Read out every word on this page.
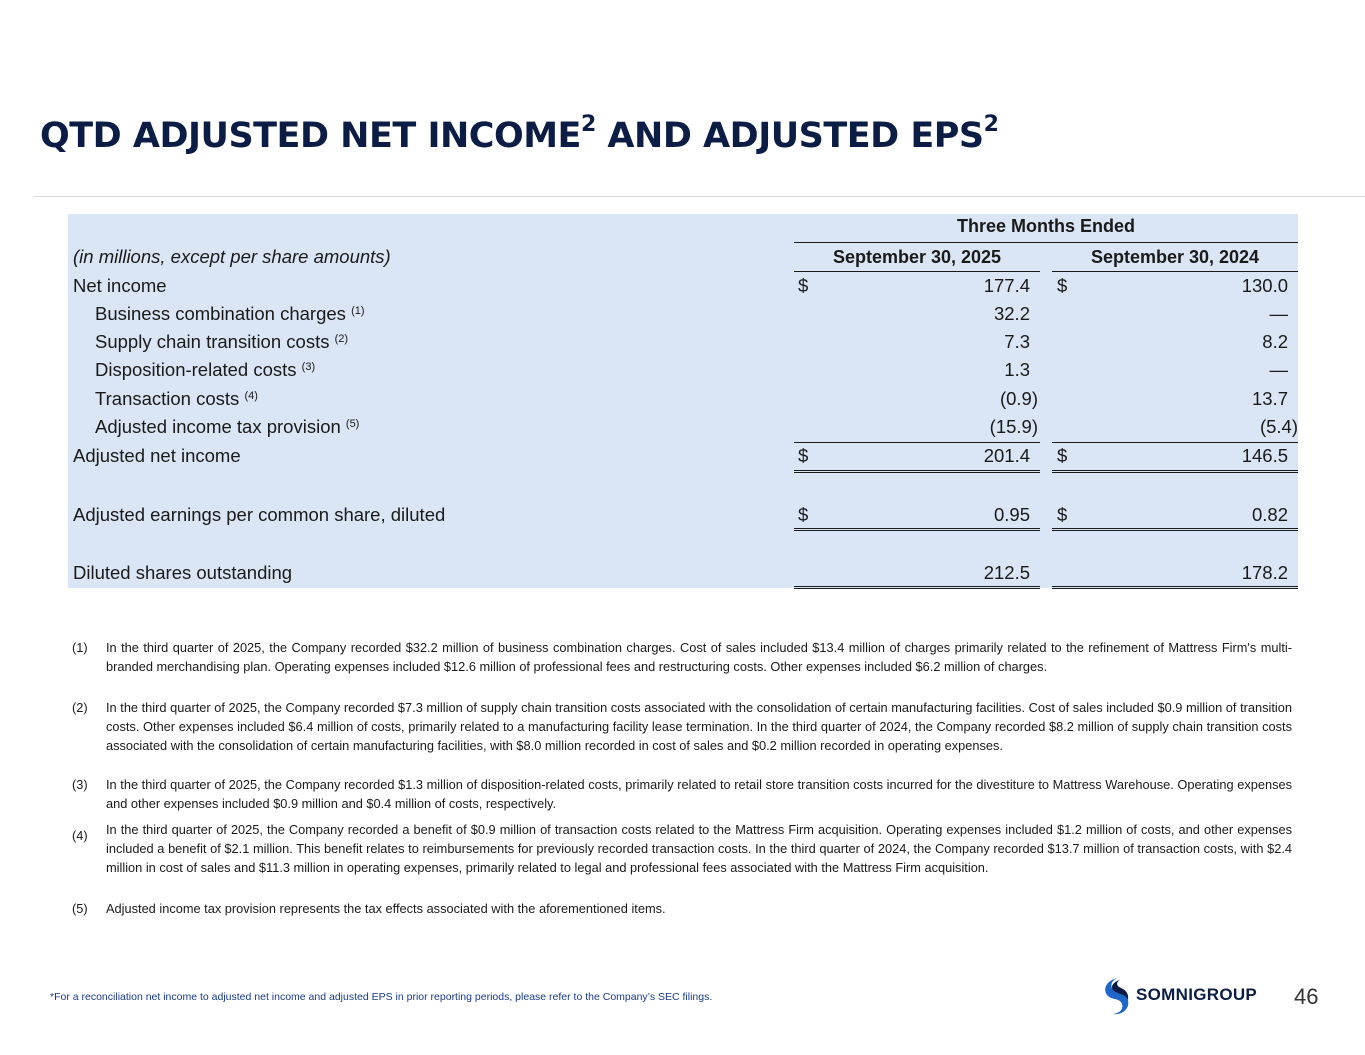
QTD ADJUSTED NET INCOME$^2$ AND ADJUSTED EPS$^2$
Three Months Ended
(in millions, except per share amounts)	September 30, 2025	September 30, 2024
Net income	$	177.4 $	130.0
Business combination charges $^{(1)}$	32.2	—
Supply chain transition costs $^{(2)}$	7.3	8.2
Disposition-related costs $^{(3)}$	1.3	—
Transaction costs $^{(4)}$	(0.9)	13.7
Adjusted income tax provision $^{(5)}$	(15.9)	(5.4)
Adjusted net income	$	201.4 $	146.5
Adjusted earnings per common share, diluted	$	0.95 $	0.82
Diluted shares outstanding	212.5	178.2
(1) In the third quarter of 2025, the Company recorded $32.2 million of business combination charges. Cost of sales included $13.4 million of charges primarily related to the refinement of Mattress Firm's multi-branded merchandising plan. Operating expenses included $12.6 million of professional fees and restructuring costs. Other expenses included $6.2 million of charges.
(2) In the third quarter of 2025, the Company recorded $7.3 million of supply chain transition costs associated with the consolidation of certain manufacturing facilities. Cost of sales included $0.9 million of transition costs. Other expenses included $6.4 million of costs, primarily related to a manufacturing facility lease termination. In the third quarter of 2024, the Company recorded $8.2 million of supply chain transition costs associated with the consolidation of certain manufacturing facilities, with $8.0 million recorded in cost of sales and $0.2 million recorded in operating expenses.
(3) In the third quarter of 2025, the Company recorded $1.3 million of disposition-related costs, primarily related to retail store transition costs incurred for the divestiture to Mattress Warehouse. Operating expenses and other expenses included $0.9 million and $0.4 million of costs, respectively.
(4) In the third quarter of 2025, the Company recorded a benefit of $0.9 million of transaction costs related to the Mattress Firm acquisition. Operating expenses included $1.2 million of costs, and other expenses included a benefit of $2.1 million. This benefit relates to reimbursements for previously recorded transaction costs. In the third quarter of 2024, the Company recorded $13.7 million of transaction costs, with $2.4 million in cost of sales and $11.3 million in operating expenses, primarily related to legal and professional fees associated with the Mattress Firm acquisition.
(5) Adjusted income tax provision represents the tax effects associated with the aforementioned items.
*For a reconciliation net income to adjusted net income and adjusted EPS in prior reporting periods, please refer to the Company’s SEC filings.	SOMNIGROUP 46
